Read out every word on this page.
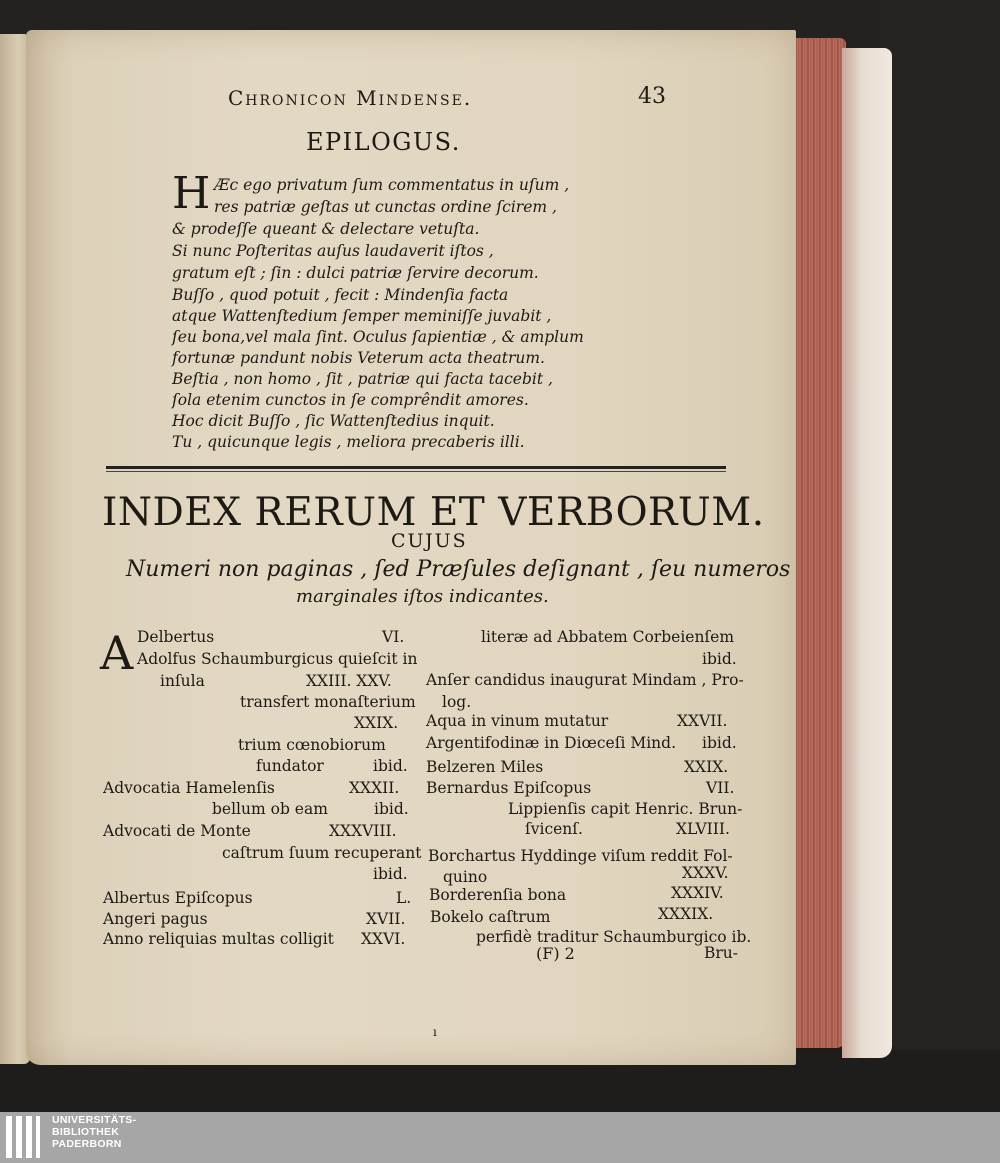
Chronicon Mindense.	43
EPILOGUS.
H Æc ego privatum ſum commentatus in uſum ,

res patriæ geſtas ut cunctas ordine ſcirem ,

& prodeſſe queant & delectare vetuſta.

Si nunc Poſteritas auſus laudaverit iſtos ,

gratum eſt ; ſin : dulci patriæ ſervire decorum.

Buſſo , quod potuit , fecit : Mindenſia facta

atque Wattenſtedium ſemper meminiſſe juvabit ,

ſeu bona,vel mala ſint. Oculus ſapientiæ , & amplum

fortunæ pandunt nobis Veterum acta theatrum.

Beſtia , non homo , ſit , patriæ qui facta tacebit ,

ſola etenim cunctos in ſe comprêndit amores.

Hoc dicit Buſſo , ſic Wattenſtedius inquit.

Tu , quicunque legis , meliora precaberis illi.

INDEX RERUM ET VERBORUM.
CUJUS
Numeri non paginas , ſed Præſules deſignant , ſeu numeros
marginales iſtos indicantes.
A Delbertus	VI.
Adolfus Schaumburgicus quieſcit in
inſula	XXIII. XXV.
transfert monaſterium
XXIX.
trium cœnobiorum
fundator	ibid.
Advocatia Hamelenſis	XXXII.
bellum ob eam	ibid.
Advocati de Monte	XXXVIII.
caſtrum ſuum recuperant
ibid.
Albertus Epiſcopus	L.
Angeri pagus	XVII.
Anno reliquias multas colligit XXVI.
literæ ad Abbatem Corbeienſem
ibid.
Anſer candidus inaugurat Mindam , Pro-
log.
Aqua in vinum mutatur	XXVII.
Argentifodinæ in Diœceſi Mind. ibid.
Belzeren Miles	XXIX.
Bernardus Epiſcopus	VII.
Lippienſis capit Henric. Brun-
ſvicenſ.	XLVIII.
Borchartus Hyddinge viſum reddit Fol-
quino	XXXV.
Borderenſia bona	XXXIV.
Bokelo caſtrum	XXXIX.
perfidè traditur Schaumburgico ib.
(F) 2	Bru-
ı
UNIVERSITÄTS-
BIBLIOTHEK
PADERBORN
